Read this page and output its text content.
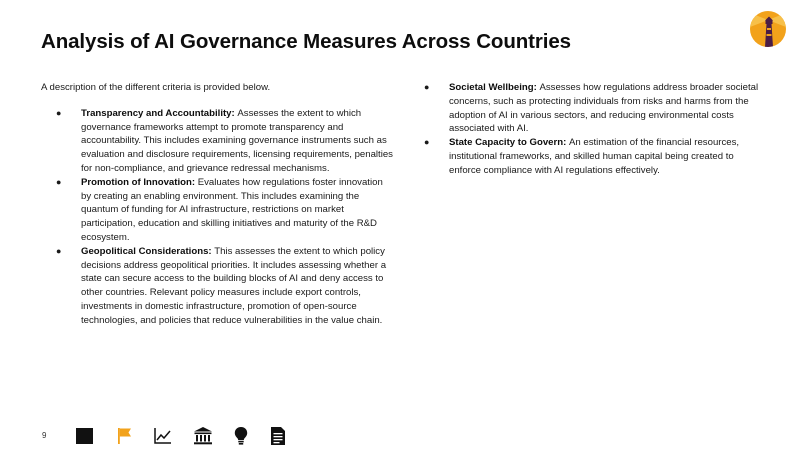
Analysis of AI Governance Measures Across Countries

A description of the different criteria is provided below.

● Transparency and Accountability: Assesses the extent to which governance frameworks attempt to promote transparency and accountability. This includes examining governance instruments such as evaluation and disclosure requirements, licensing requirements, penalties for non-compliance, and grievance redressal mechanisms.
● Promotion of Innovation: Evaluates how regulations foster innovation by creating an enabling environment. This includes examining the quantum of funding for AI infrastructure, restrictions on market participation, education and skilling initiatives and maturity of the R&D ecosystem.
● Geopolitical Considerations: This assesses the extent to which policy decisions address geopolitical priorities. It includes assessing whether a state can secure access to the building blocks of AI and deny access to other countries. Relevant policy measures include export controls, investments in domestic infrastructure, promotion of open-source technologies, and policies that reduce vulnerabilities in the value chain.
● Societal Wellbeing: Assesses how regulations address broader societal concerns, such as protecting individuals from risks and harms from the adoption of AI in various sectors, and reducing environmental costs associated with AI.
● State Capacity to Govern: An estimation of the financial resources, institutional frameworks, and skilled human capital being created to enforce compliance with AI regulations effectively.
9
